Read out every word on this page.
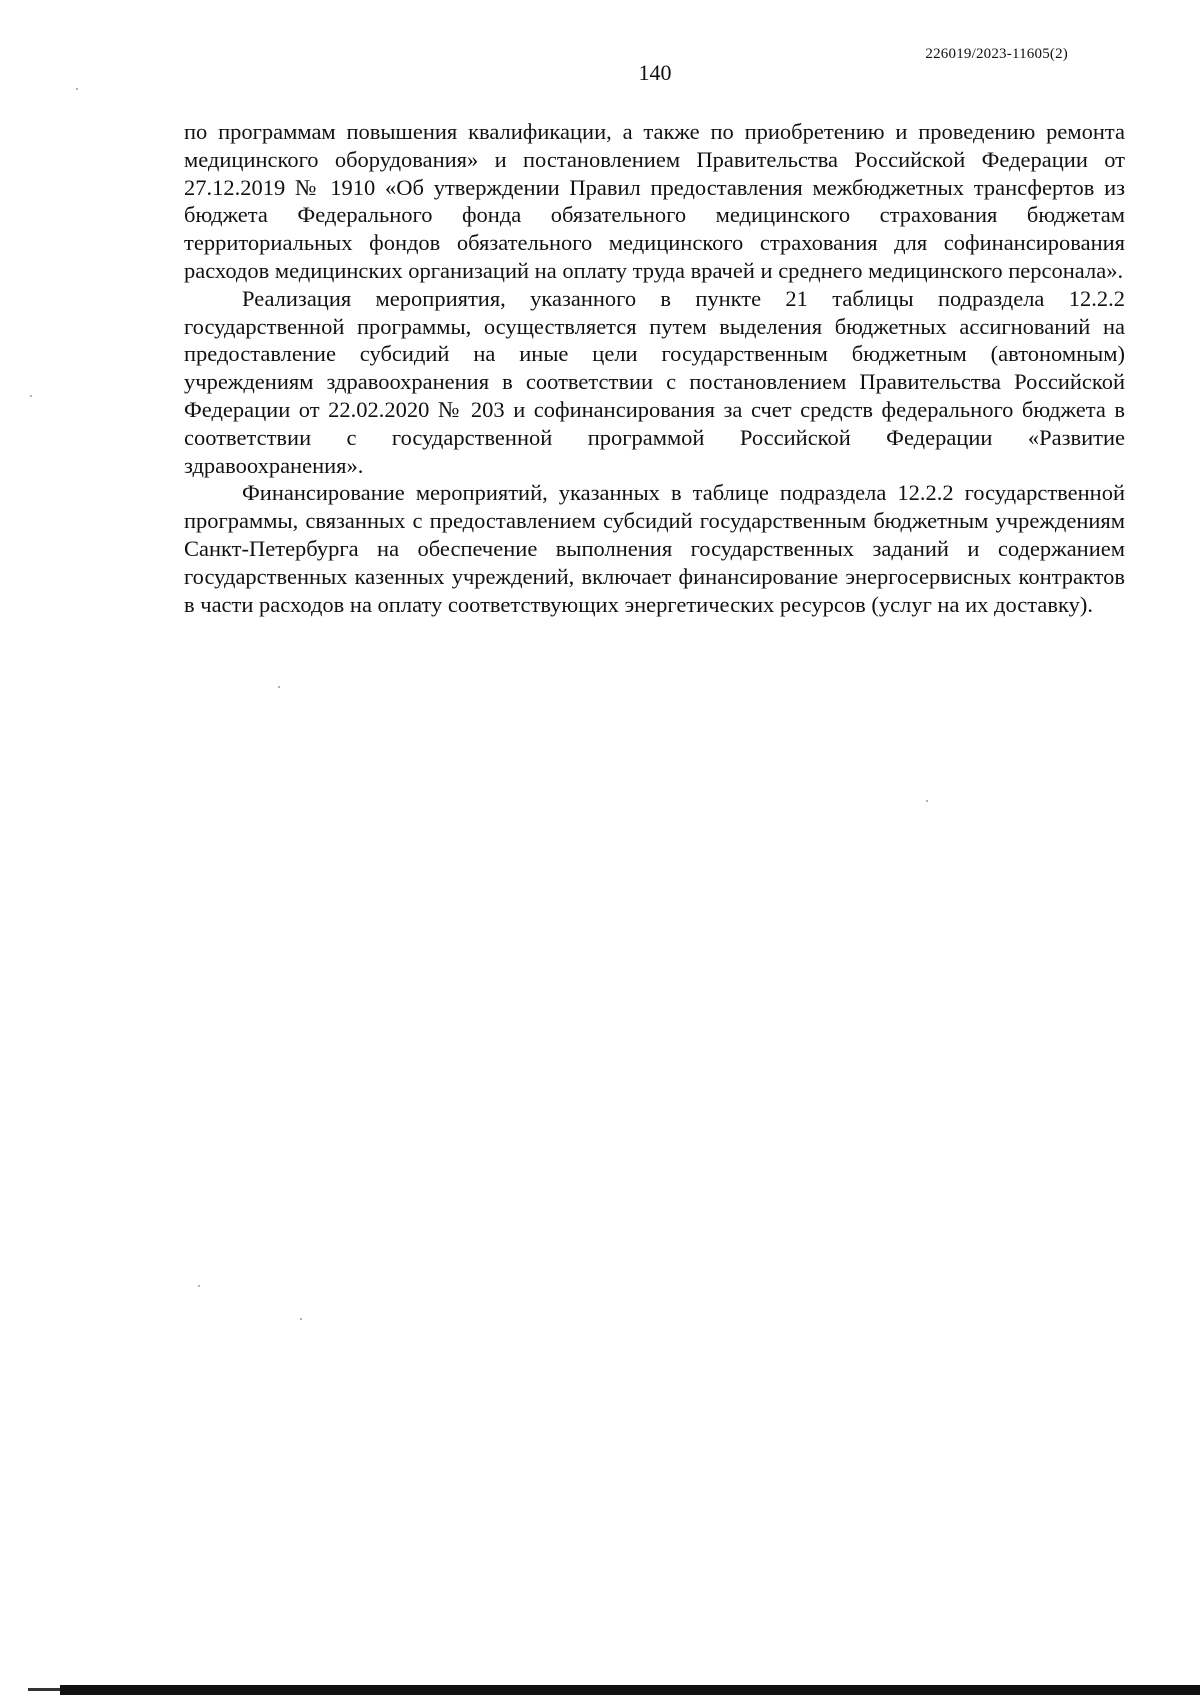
226019/2023-11605(2)
140

по программам повышения квалификации, а также по приобретению и проведению ремонта медицинского оборудования» и постановлением Правительства Российской Федерации от 27.12.2019 № 1910 «Об утверждении Правил предоставления межбюджетных трансфертов из бюджета Федерального фонда обязательного медицинского страхования бюджетам территориальных фондов обязательного медицинского страхования для софинансирования расходов медицинских организаций на оплату труда врачей и среднего медицинского персонала».

Реализация мероприятия, указанного в пункте 21 таблицы подраздела 12.2.2 государственной программы, осуществляется путем выделения бюджетных ассигнований на предоставление субсидий на иные цели государственным бюджетным (автономным) учреждениям здравоохранения в соответствии с постановлением Правительства Российской Федерации от 22.02.2020 № 203 и софинансирования за счет средств федерального бюджета в соответствии с государственной программой Российской Федерации «Развитие здравоохранения».

Финансирование мероприятий, указанных в таблице подраздела 12.2.2 государственной программы, связанных с предоставлением субсидий государственным бюджетным учреждениям Санкт-Петербурга на обеспечение выполнения государственных заданий и содержанием государственных казенных учреждений, включает финансирование энергосервисных контрактов в части расходов на оплату соответствующих энергетических ресурсов (услуг на их доставку).
